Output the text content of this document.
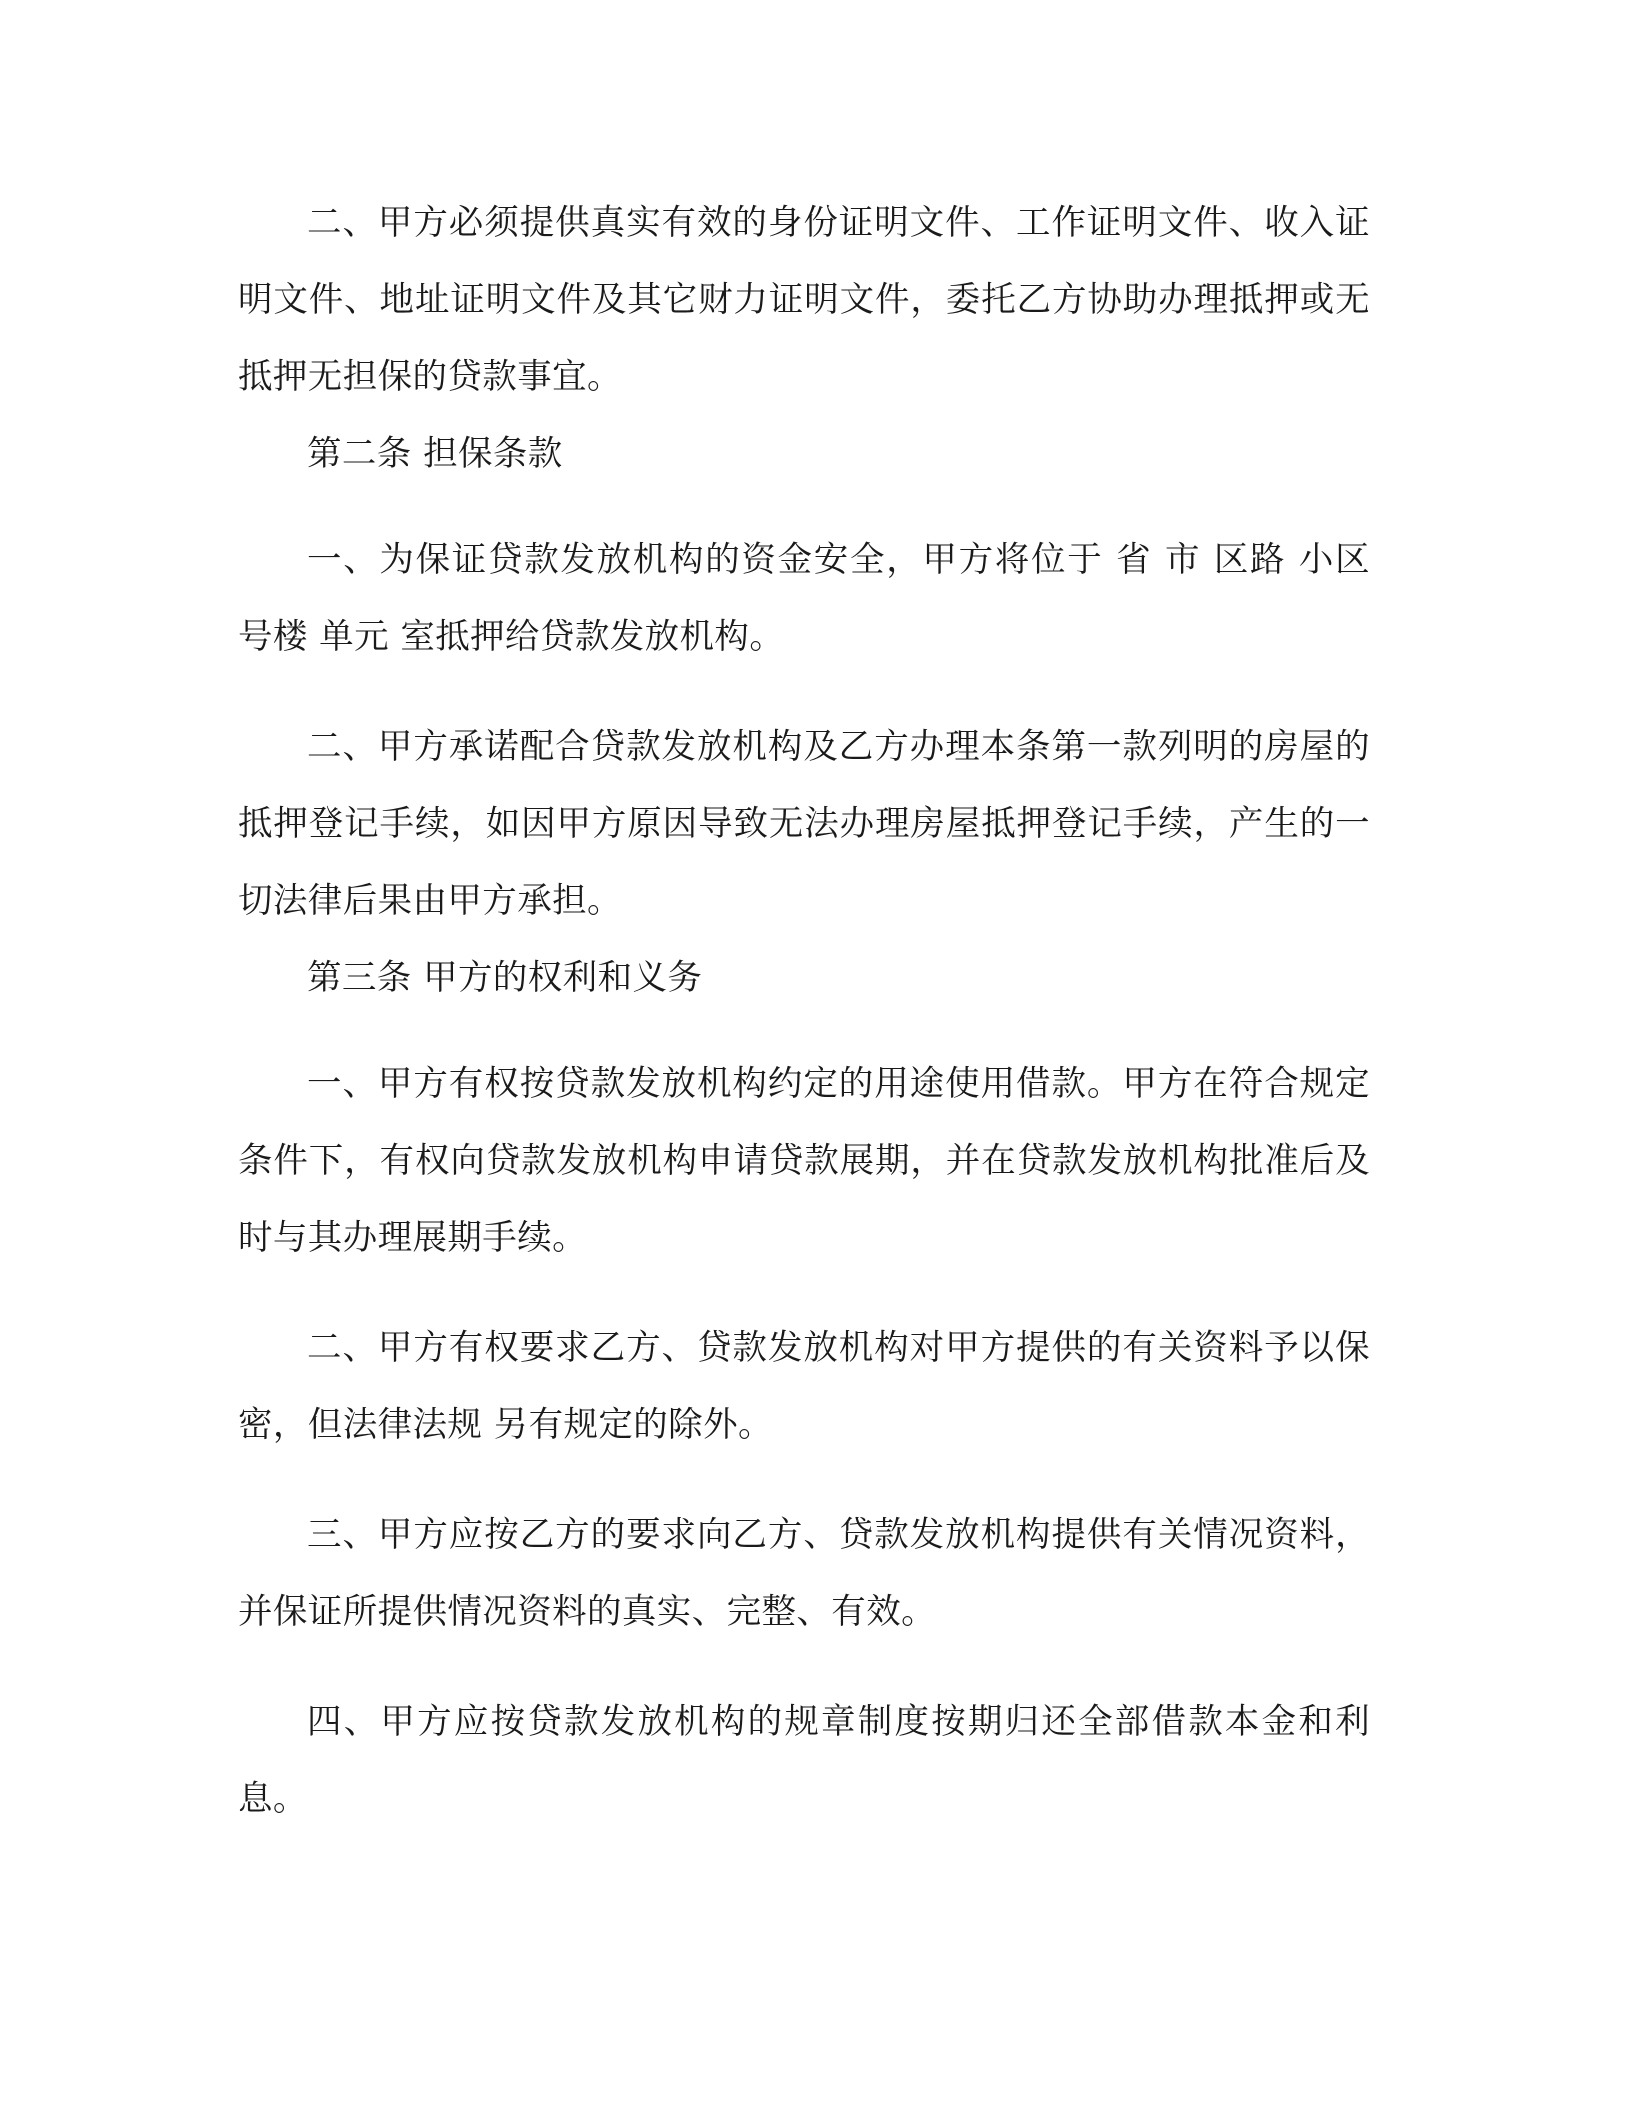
二、甲方必须提供真实有效的身份证明文件、工作证明文件、收入证明文件、地址证明文件及其它财力证明文件，委托乙方协助办理抵押或无抵押无担保的贷款事宜。

第二条 担保条款

一、为保证贷款发放机构的资金安全，甲方将位于 省 市 区路 小区 号楼 单元 室抵押给贷款发放机构。

二、甲方承诺配合贷款发放机构及乙方办理本条第一款列明的房屋的抵押登记手续，如因甲方原因导致无法办理房屋抵押登记手续，产生的一切法律后果由甲方承担。

第三条 甲方的权利和义务

一、甲方有权按贷款发放机构约定的用途使用借款。甲方在符合规定条件下，有权向贷款发放机构申请贷款展期，并在贷款发放机构批准后及时与其办理展期手续。

二、甲方有权要求乙方、贷款发放机构对甲方提供的有关资料予以保密，但法律法规 另有规定的除外。

三、甲方应按乙方的要求向乙方、贷款发放机构提供有关情况资料，并保证所提供情况资料的真实、完整、有效。

四、甲方应按贷款发放机构的规章制度按期归还全部借款本金和利息。
